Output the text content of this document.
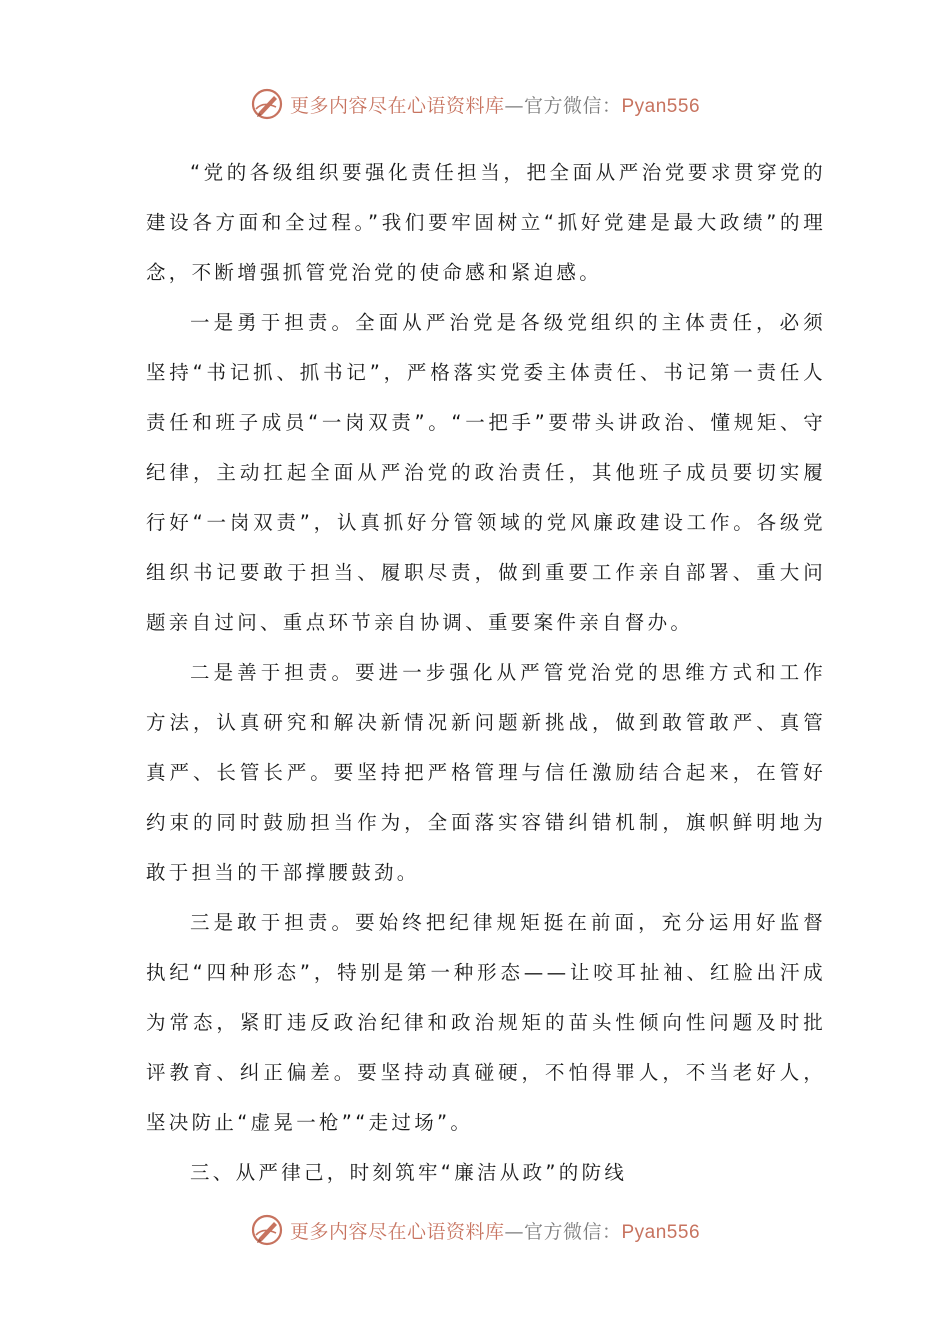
更多内容尽在心语资料库—官方微信：Pyan556

“党的各级组织要强化责任担当，把全面从严治党要求贯穿党的建设各方面和全过程。”我们要牢固树立“抓好党建是最大政绩”的理念，不断增强抓管党治党的使命感和紧迫感。

一是勇于担责。全面从严治党是各级党组织的主体责任，必须坚持“书记抓、抓书记”，严格落实党委主体责任、书记第一责任人责任和班子成员“一岗双责”。“一把手”要带头讲政治、懂规矩、守纪律，主动扛起全面从严治党的政治责任，其他班子成员要切实履行好“一岗双责”，认真抓好分管领域的党风廉政建设工作。各级党组织书记要敢于担当、履职尽责，做到重要工作亲自部署、重大问题亲自过问、重点环节亲自协调、重要案件亲自督办。

二是善于担责。要进一步强化从严管党治党的思维方式和工作方法，认真研究和解决新情况新问题新挑战，做到敢管敢严、真管真严、长管长严。要坚持把严格管理与信任激励结合起来，在管好约束的同时鼓励担当作为，全面落实容错纠错机制，旗帜鲜明地为敢于担当的干部撑腰鼓劲。

三是敢于担责。要始终把纪律规矩挺在前面，充分运用好监督执纪“四种形态”，特别是第一种形态——让咬耳扯袖、红脸出汗成为常态，紧盯违反政治纪律和政治规矩的苗头性倾向性问题及时批评教育、纠正偏差。要坚持动真碰硬，不怕得罪人，不当老好人，坚决防止“虚晃一枪”“走过场”。

三、从严律己，时刻筑牢“廉洁从政”的防线

更多内容尽在心语资料库—官方微信：Pyan556
